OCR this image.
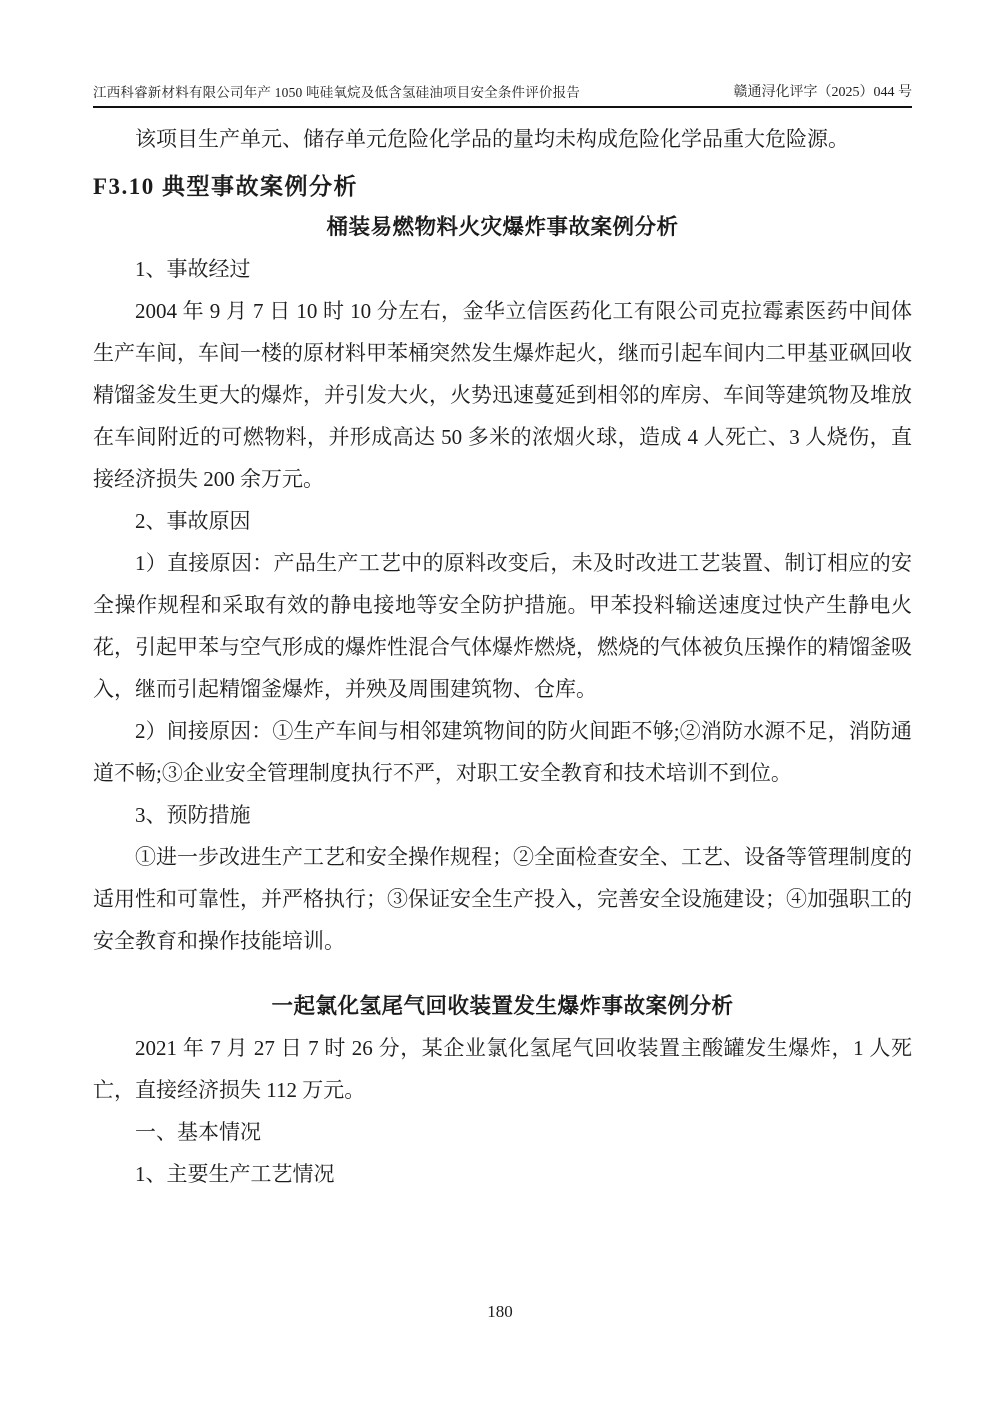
江西科睿新材料有限公司年产 1050 吨硅氧烷及低含氢硅油项目安全条件评价报告	赣通浔化评字（2025）044 号

该项目生产单元、储存单元危险化学品的量均未构成危险化学品重大危险源。

F3.10 典型事故案例分析
桶装易燃物料火灾爆炸事故案例分析

1、事故经过

2004 年 9 月 7 日 10 时 10 分左右，金华立信医药化工有限公司克拉霉素医药中间体生产车间，车间一楼的原材料甲苯桶突然发生爆炸起火，继而引起车间内二甲基亚砜回收精馏釜发生更大的爆炸，并引发大火，火势迅速蔓延到相邻的库房、车间等建筑物及堆放在车间附近的可燃物料，并形成高达 50 多米的浓烟火球，造成 4 人死亡、3 人烧伤，直接经济损失 200 余万元。

2、事故原因

1）直接原因：产品生产工艺中的原料改变后，未及时改进工艺装置、制订相应的安全操作规程和采取有效的静电接地等安全防护措施。甲苯投料输送速度过快产生静电火花，引起甲苯与空气形成的爆炸性混合气体爆炸燃烧，燃烧的气体被负压操作的精馏釜吸入，继而引起精馏釜爆炸，并殃及周围建筑物、仓库。

2）间接原因：①生产车间与相邻建筑物间的防火间距不够;②消防水源不足，消防通道不畅;③企业安全管理制度执行不严，对职工安全教育和技术培训不到位。

3、预防措施

①进一步改进生产工艺和安全操作规程；②全面检查安全、工艺、设备等管理制度的适用性和可靠性，并严格执行；③保证安全生产投入，完善安全设施建设；④加强职工的安全教育和操作技能培训。

一起氯化氢尾气回收装置发生爆炸事故案例分析

2021 年 7 月 27 日 7 时 26 分，某企业氯化氢尾气回收装置主酸罐发生爆炸，1 人死亡，直接经济损失 112 万元。

一、基本情况

1、主要生产工艺情况

180
